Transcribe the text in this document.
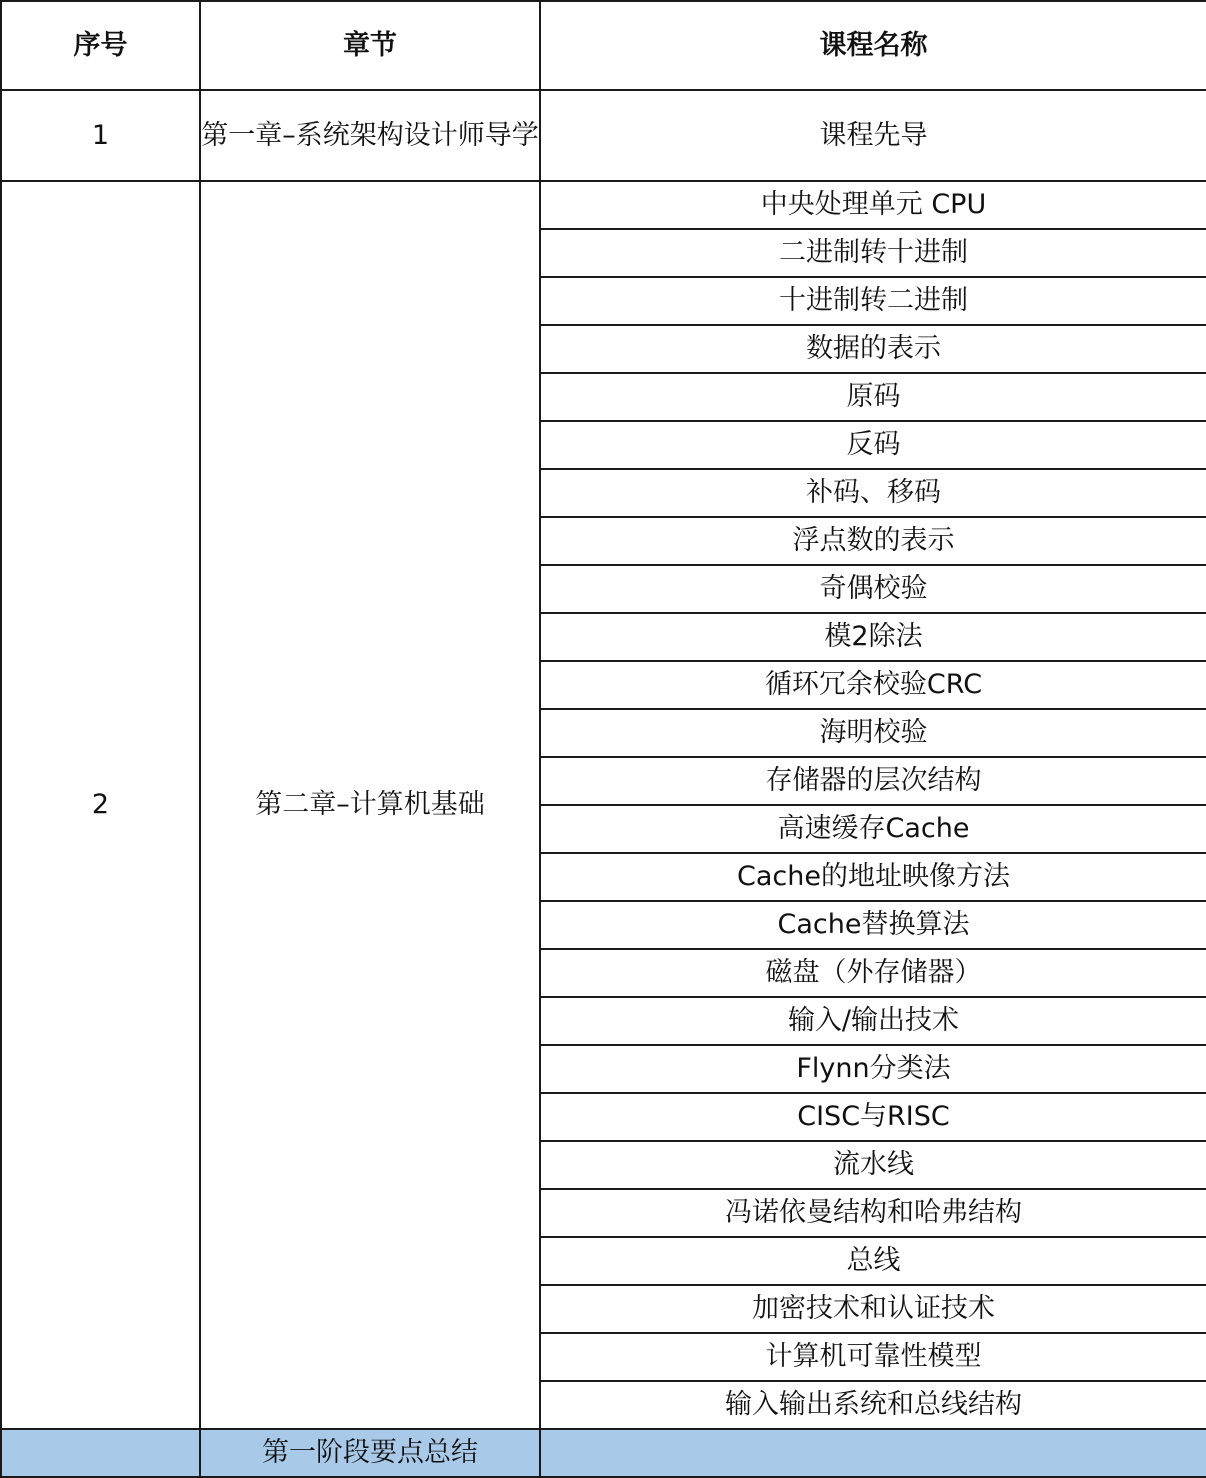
序号	章节	课程名称
1	第一章–系统架构设计师导学	课程先导
2	第二章–计算机基础	中央处理单元 CPU
		二进制转十进制
		十进制转二进制
		数据的表示
		原码
		反码
		补码、移码
		浮点数的表示
		奇偶校验
		模2除法
		循环冗余校验CRC
		海明校验
		存储器的层次结构
		高速缓存Cache
		Cache的地址映像方法
		Cache替换算法
		磁盘（外存储器）
		输入/输出技术
		Flynn分类法
		CISC与RISC
		流水线
		冯诺依曼结构和哈弗结构
		总线
		加密技术和认证技术
		计算机可靠性模型
		输入输出系统和总线结构
	第一阶段要点总结	
